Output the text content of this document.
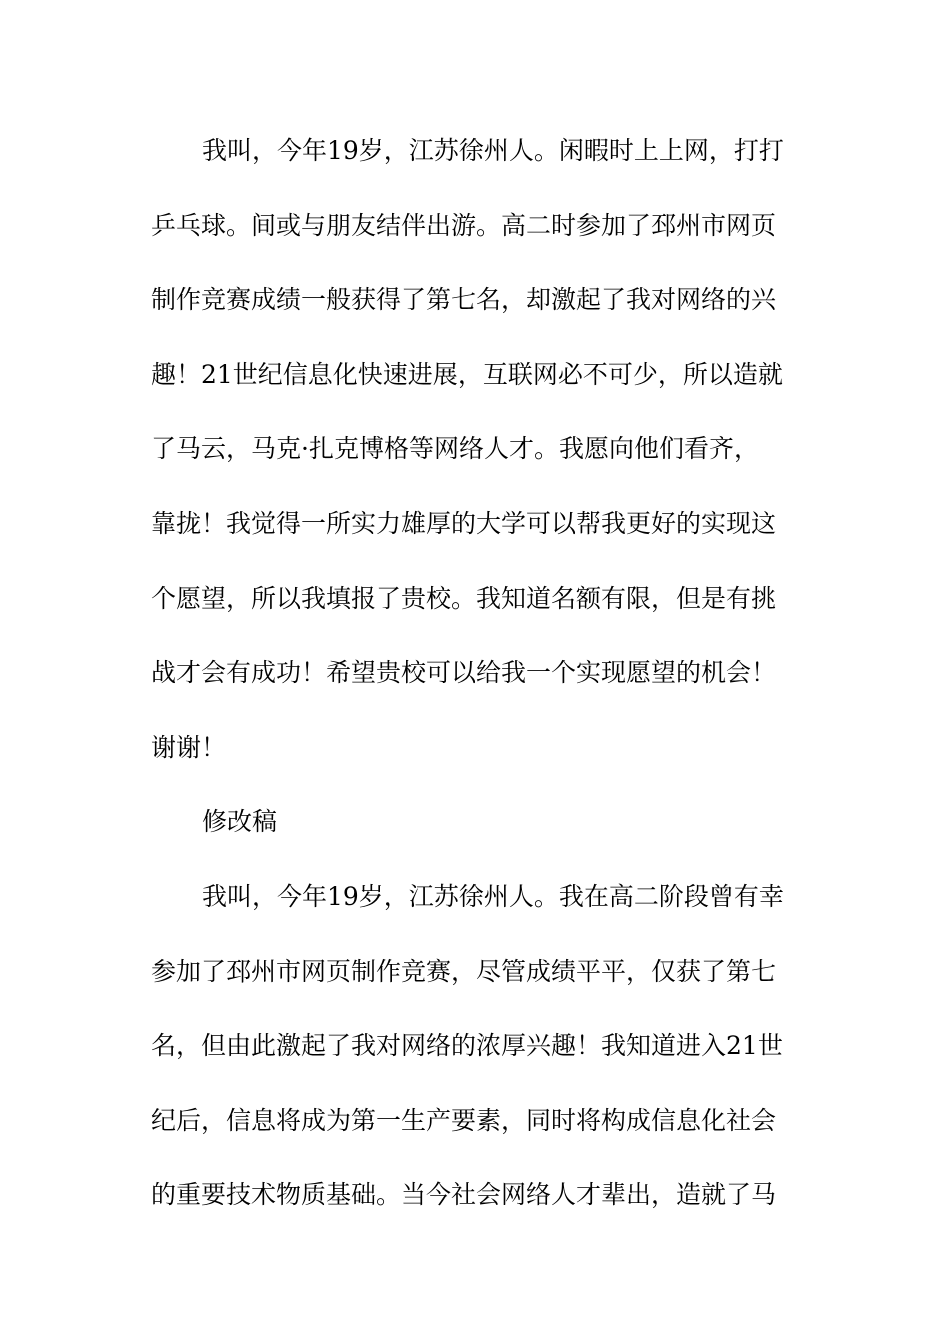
我叫，今年19岁，江苏徐州人。闲暇时上上网，打打
乒乓球。间或与朋友结伴出游。高二时参加了邳州市网页
制作竞赛成绩一般获得了第七名，却激起了我对网络的兴
趣！21世纪信息化快速进展，互联网必不可少，所以造就
了马云，马克·扎克博格等网络人才。我愿向他们看齐，
靠拢！我觉得一所实力雄厚的大学可以帮我更好的实现这
个愿望，所以我填报了贵校。我知道名额有限，但是有挑
战才会有成功！希望贵校可以给我一个实现愿望的机会！
谢谢！
修改稿
我叫，今年19岁，江苏徐州人。我在高二阶段曾有幸
参加了邳州市网页制作竞赛，尽管成绩平平，仅获了第七
名，但由此激起了我对网络的浓厚兴趣！我知道进入21世
纪后，信息将成为第一生产要素，同时将构成信息化社会
的重要技术物质基础。当今社会网络人才辈出，造就了马
